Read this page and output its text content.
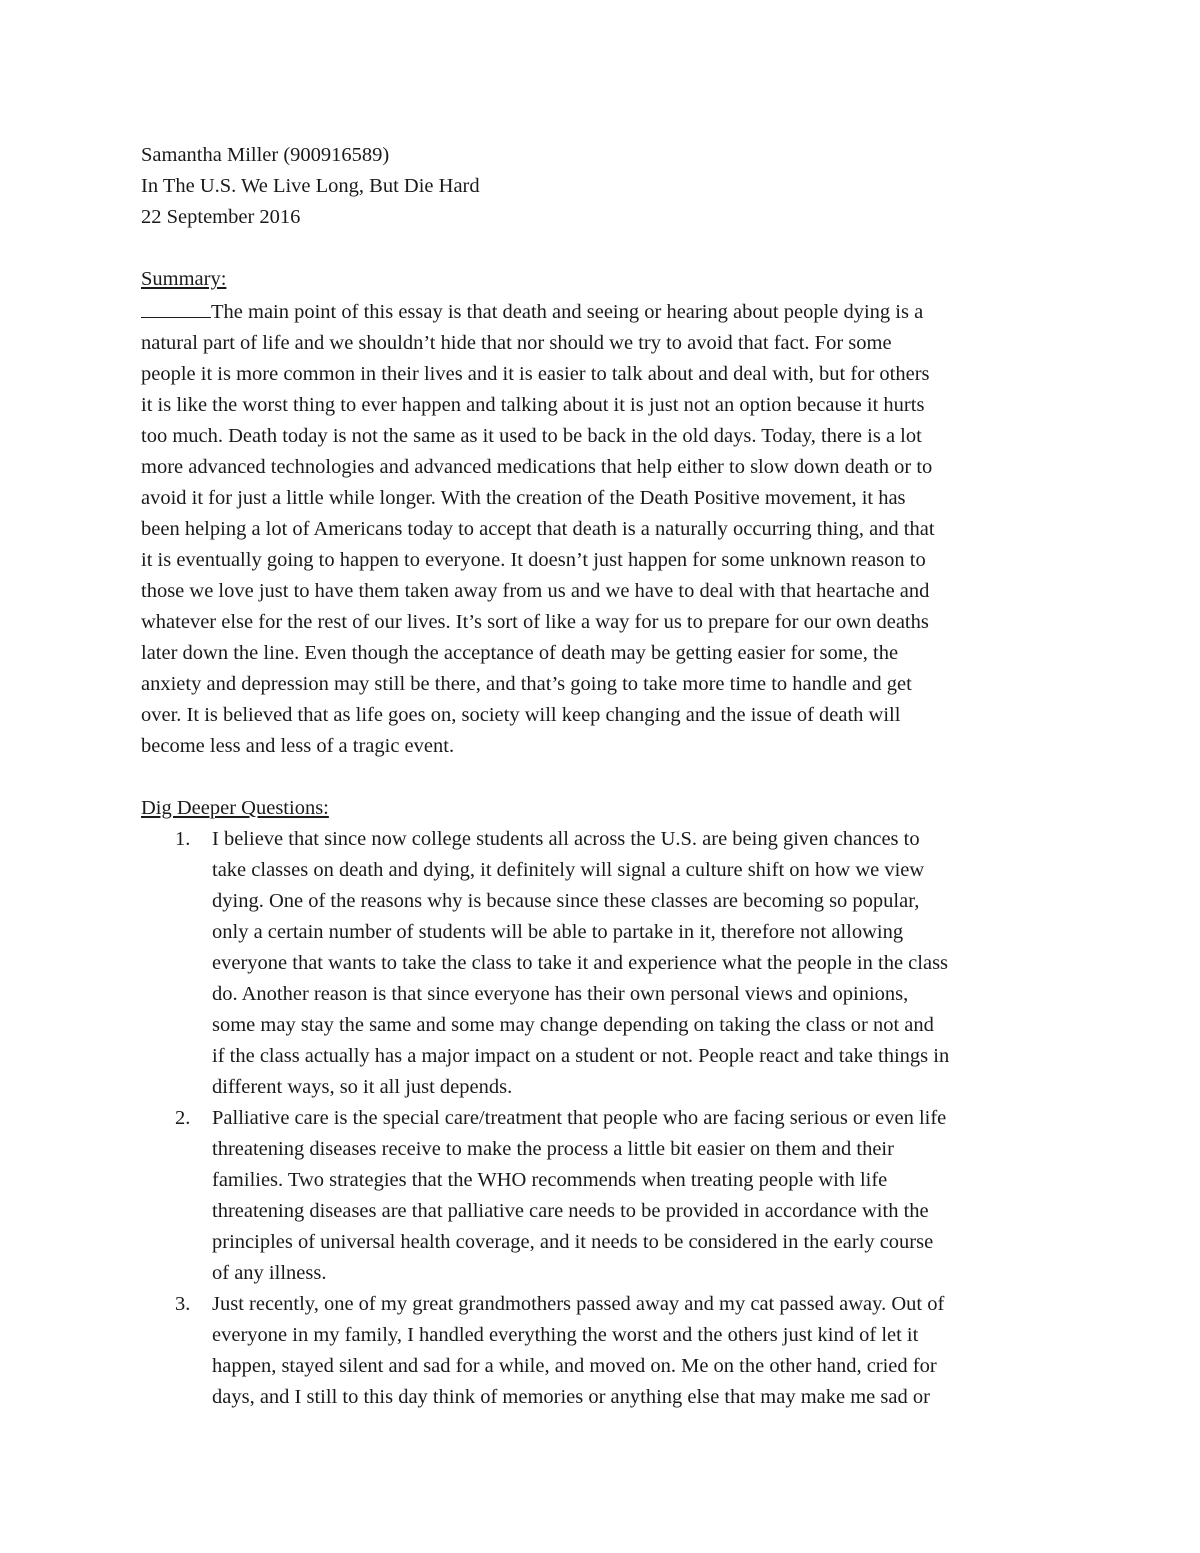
Samantha Miller (900916589)
In The U.S. We Live Long, But Die Hard
22 September 2016
Summary:
The main point of this essay is that death and seeing or hearing about people dying is a
natural part of life and we shouldn’t hide that nor should we try to avoid that fact. For some
people it is more common in their lives and it is easier to talk about and deal with, but for others
it is like the worst thing to ever happen and talking about it is just not an option because it hurts
too much. Death today is not the same as it used to be back in the old days. Today, there is a lot
more advanced technologies and advanced medications that help either to slow down death or to
avoid it for just a little while longer. With the creation of the Death Positive movement, it has
been helping a lot of Americans today to accept that death is a naturally occurring thing, and that
it is eventually going to happen to everyone. It doesn’t just happen for some unknown reason to
those we love just to have them taken away from us and we have to deal with that heartache and
whatever else for the rest of our lives. It’s sort of like a way for us to prepare for our own deaths
later down the line. Even though the acceptance of death may be getting easier for some, the
anxiety and depression may still be there, and that’s going to take more time to handle and get
over. It is believed that as life goes on, society will keep changing and the issue of death will
become less and less of a tragic event.
Dig Deeper Questions:
1. I believe that since now college students all across the U.S. are being given chances to
take classes on death and dying, it definitely will signal a culture shift on how we view
dying. One of the reasons why is because since these classes are becoming so popular,
only a certain number of students will be able to partake in it, therefore not allowing
everyone that wants to take the class to take it and experience what the people in the class
do. Another reason is that since everyone has their own personal views and opinions,
some may stay the same and some may change depending on taking the class or not and
if the class actually has a major impact on a student or not. People react and take things in
different ways, so it all just depends.
2. Palliative care is the special care/treatment that people who are facing serious or even life
threatening diseases receive to make the process a little bit easier on them and their
families. Two strategies that the WHO recommends when treating people with life
threatening diseases are that palliative care needs to be provided in accordance with the
principles of universal health coverage, and it needs to be considered in the early course
of any illness.
3. Just recently, one of my great grandmothers passed away and my cat passed away. Out of
everyone in my family, I handled everything the worst and the others just kind of let it
happen, stayed silent and sad for a while, and moved on. Me on the other hand, cried for
days, and I still to this day think of memories or anything else that may make me sad or
